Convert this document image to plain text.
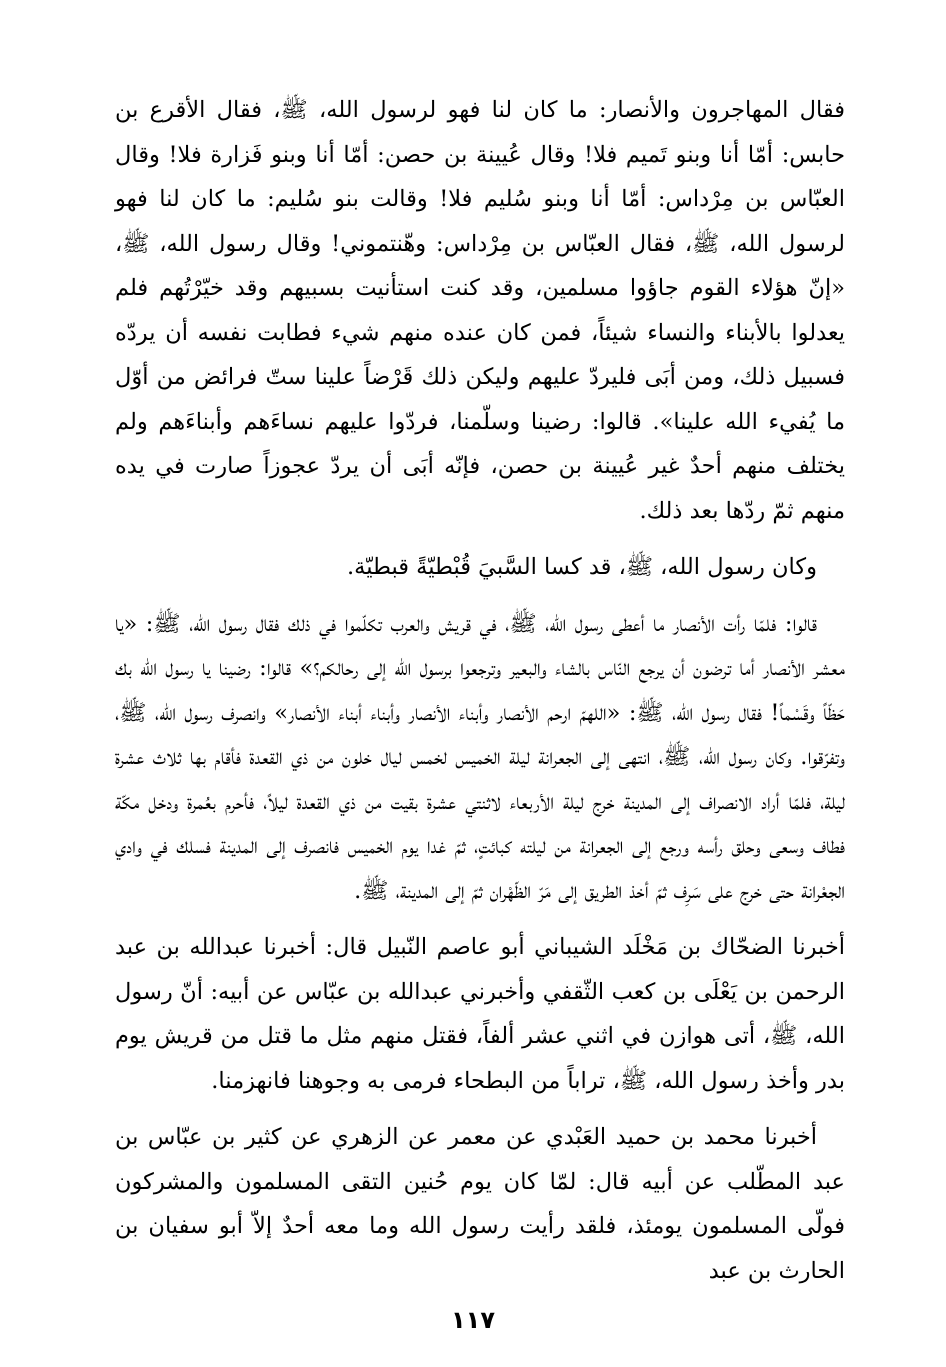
فقال المهاجرون والأنصار: ما كان لنا فهو لرسول الله، ﷺ، فقال الأقرع بن حابس: أمّا أنا وبنو تَميم فلا! وقال عُيينة بن حصن: أمّا أنا وبنو فَزارة فلا! وقال العبّاس بن مِرْداس: أمّا أنا وبنو سُليم فلا! وقالت بنو سُليم: ما كان لنا فهو لرسول الله، ﷺ، فقال العبّاس بن مِرْداس: وهّنتموني! وقال رسول الله، ﷺ، «إنّ هؤلاء القوم جاؤوا مسلمين، وقد كنت استأنيت بسبيهم وقد خيّرْتُهم فلم يعدلوا بالأبناء والنساء شيئاً، فمن كان عنده منهم شيء فطابت نفسه أن يردّه فسبيل ذلك، ومن أبَى فليردّ عليهم وليكن ذلك قَرْضاً علينا ستّ فرائض من أوّل ما يُفيء الله علينا». قالوا: رضينا وسلّمنا، فردّوا عليهم نساءَهم وأبناءَهم ولم يختلف منهم أحدٌ غير عُيينة بن حصن، فإنّه أبَى أن يردّ عجوزاً صارت في يده منهم ثمّ ردّها بعد ذلك.

وكان رسول الله، ﷺ، قد كسا السَّبيَ قُبْطيّةً قبطيّة.

قالوا: فلمّا رأت الأنصار ما أعطى رسول الله، ﷺ، في قريش والعرب تكلّموا في ذلك فقال رسول الله، ﷺ: «يا معشر الأنصار أما ترضون أن يرجع النّاس بالشاء والبعير وترجعوا برسول الله إلى رحالكم؟» قالوا: رضينا يا رسول الله بك حَظّاً وقَسْماً! فقال رسول الله، ﷺ: «اللهمّ ارحم الأنصار وأبناء الأنصار وأبناء أبناء الأنصار» وانصرف رسول الله، ﷺ، وتفرّقوا. وكان رسول الله، ﷺ، انتهى إلى الجعرانة ليلة الخميس لخمس ليال خلون من ذي القعدة فأقام بها ثلاث عشرة ليلة، فلمّا أراد الانصراف إلى المدينة خرج ليلة الأربعاء لاثنتي عشرة بقيت من ذي القعدة ليلاً، فأحرم بعُمرة ودخل مكّة فطاف وسعى وحلق رأسه ورجع إلى الجعرانة من ليلته كبائتٍ، ثمّ غدا يوم الخميس فانصرف إلى المدينة فسلك في وادي الجعْرانة حتى خرج على سَرِف ثمّ أخذ الطريق إلى مَرّ الظّهْران ثمّ إلى المدينة، ﷺ.

أخبرنا الضحّاك بن مَخْلَد الشيباني أبو عاصم النّبيل قال: أخبرنا عبدالله بن عبد الرحمن بن يَعْلَى بن كعب الثّقفي وأخبرني عبدالله بن عبّاس عن أبيه: أنّ رسول الله، ﷺ، أتى هوازن في اثني عشر ألفاً، فقتل منهم مثل ما قتل من قريش يوم بدر وأخذ رسول الله، ﷺ، تراباً من البطحاء فرمى به وجوهنا فانهزمنا.

أخبرنا محمد بن حميد العَبْدي عن معمر عن الزهري عن كثير بن عبّاس بن عبد المطّلب عن أبيه قال: لمّا كان يوم حُنين التقى المسلمون والمشركون فولّى المسلمون يومئذ، فلقد رأيت رسول الله وما معه أحدٌ إلاّ أبو سفيان بن الحارث بن عبد

١١٧
